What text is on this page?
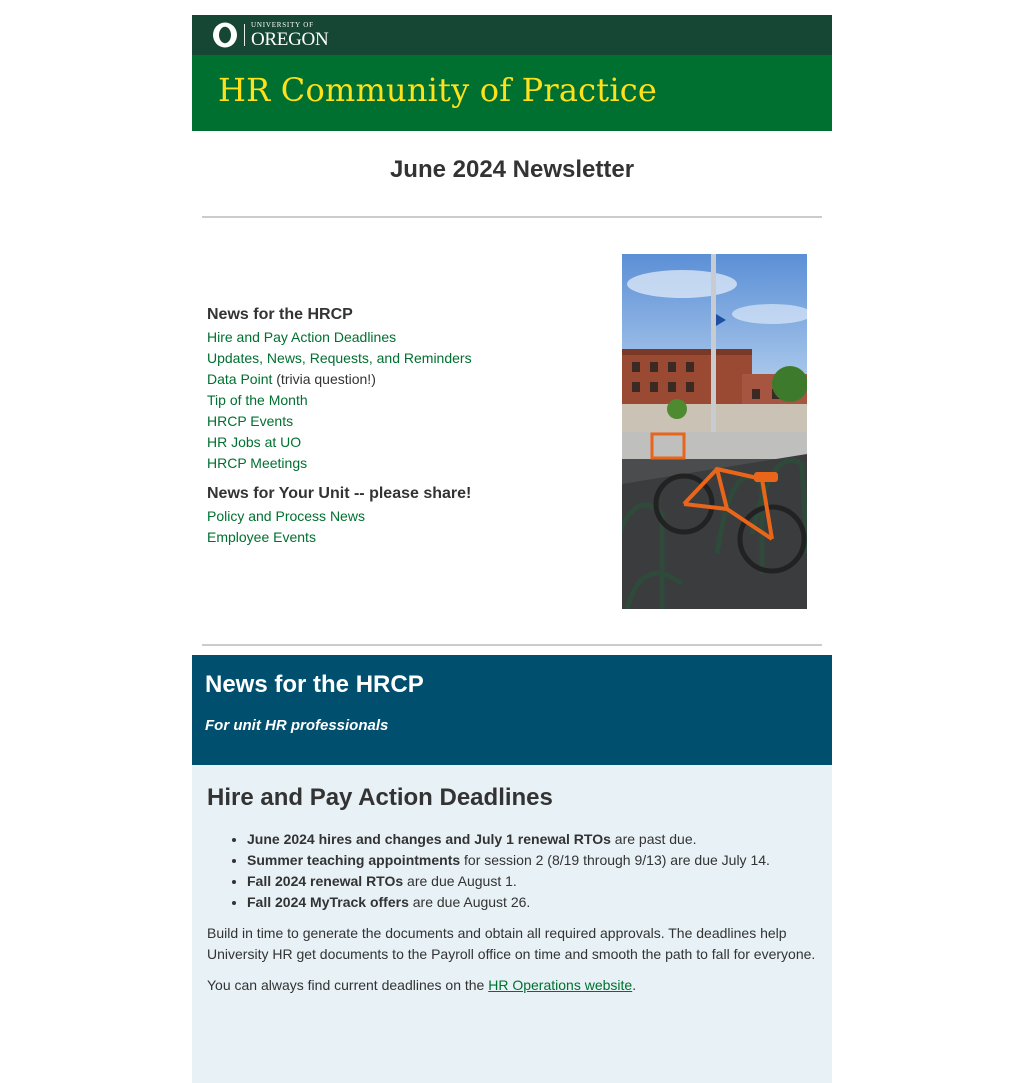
UNIVERSITY OF
OREGON
HR Community of Practice
June 2024 Newsletter
News for the HRCP
Hire and Pay Action Deadlines
Updates, News, Requests, and Reminders
Data Point (trivia question!)
Tip of the Month
HRCP Events
HR Jobs at UO
HRCP Meetings
News for Your Unit -- please share!
Policy and Process News
Employee Events
News for the HRCP
For unit HR professionals
Hire and Pay Action Deadlines
• June 2024 hires and changes and July 1 renewal RTOs are past due.
• Summer teaching appointments for session 2 (8/19 through 9/13) are due July 14.
• Fall 2024 renewal RTOs are due August 1.
• Fall 2024 MyTrack offers are due August 26.

Build in time to generate the documents and obtain all required approvals. The deadlines help University HR get documents to the Payroll office on time and smooth the path to fall for everyone.

You can always find current deadlines on the HR Operations website.
